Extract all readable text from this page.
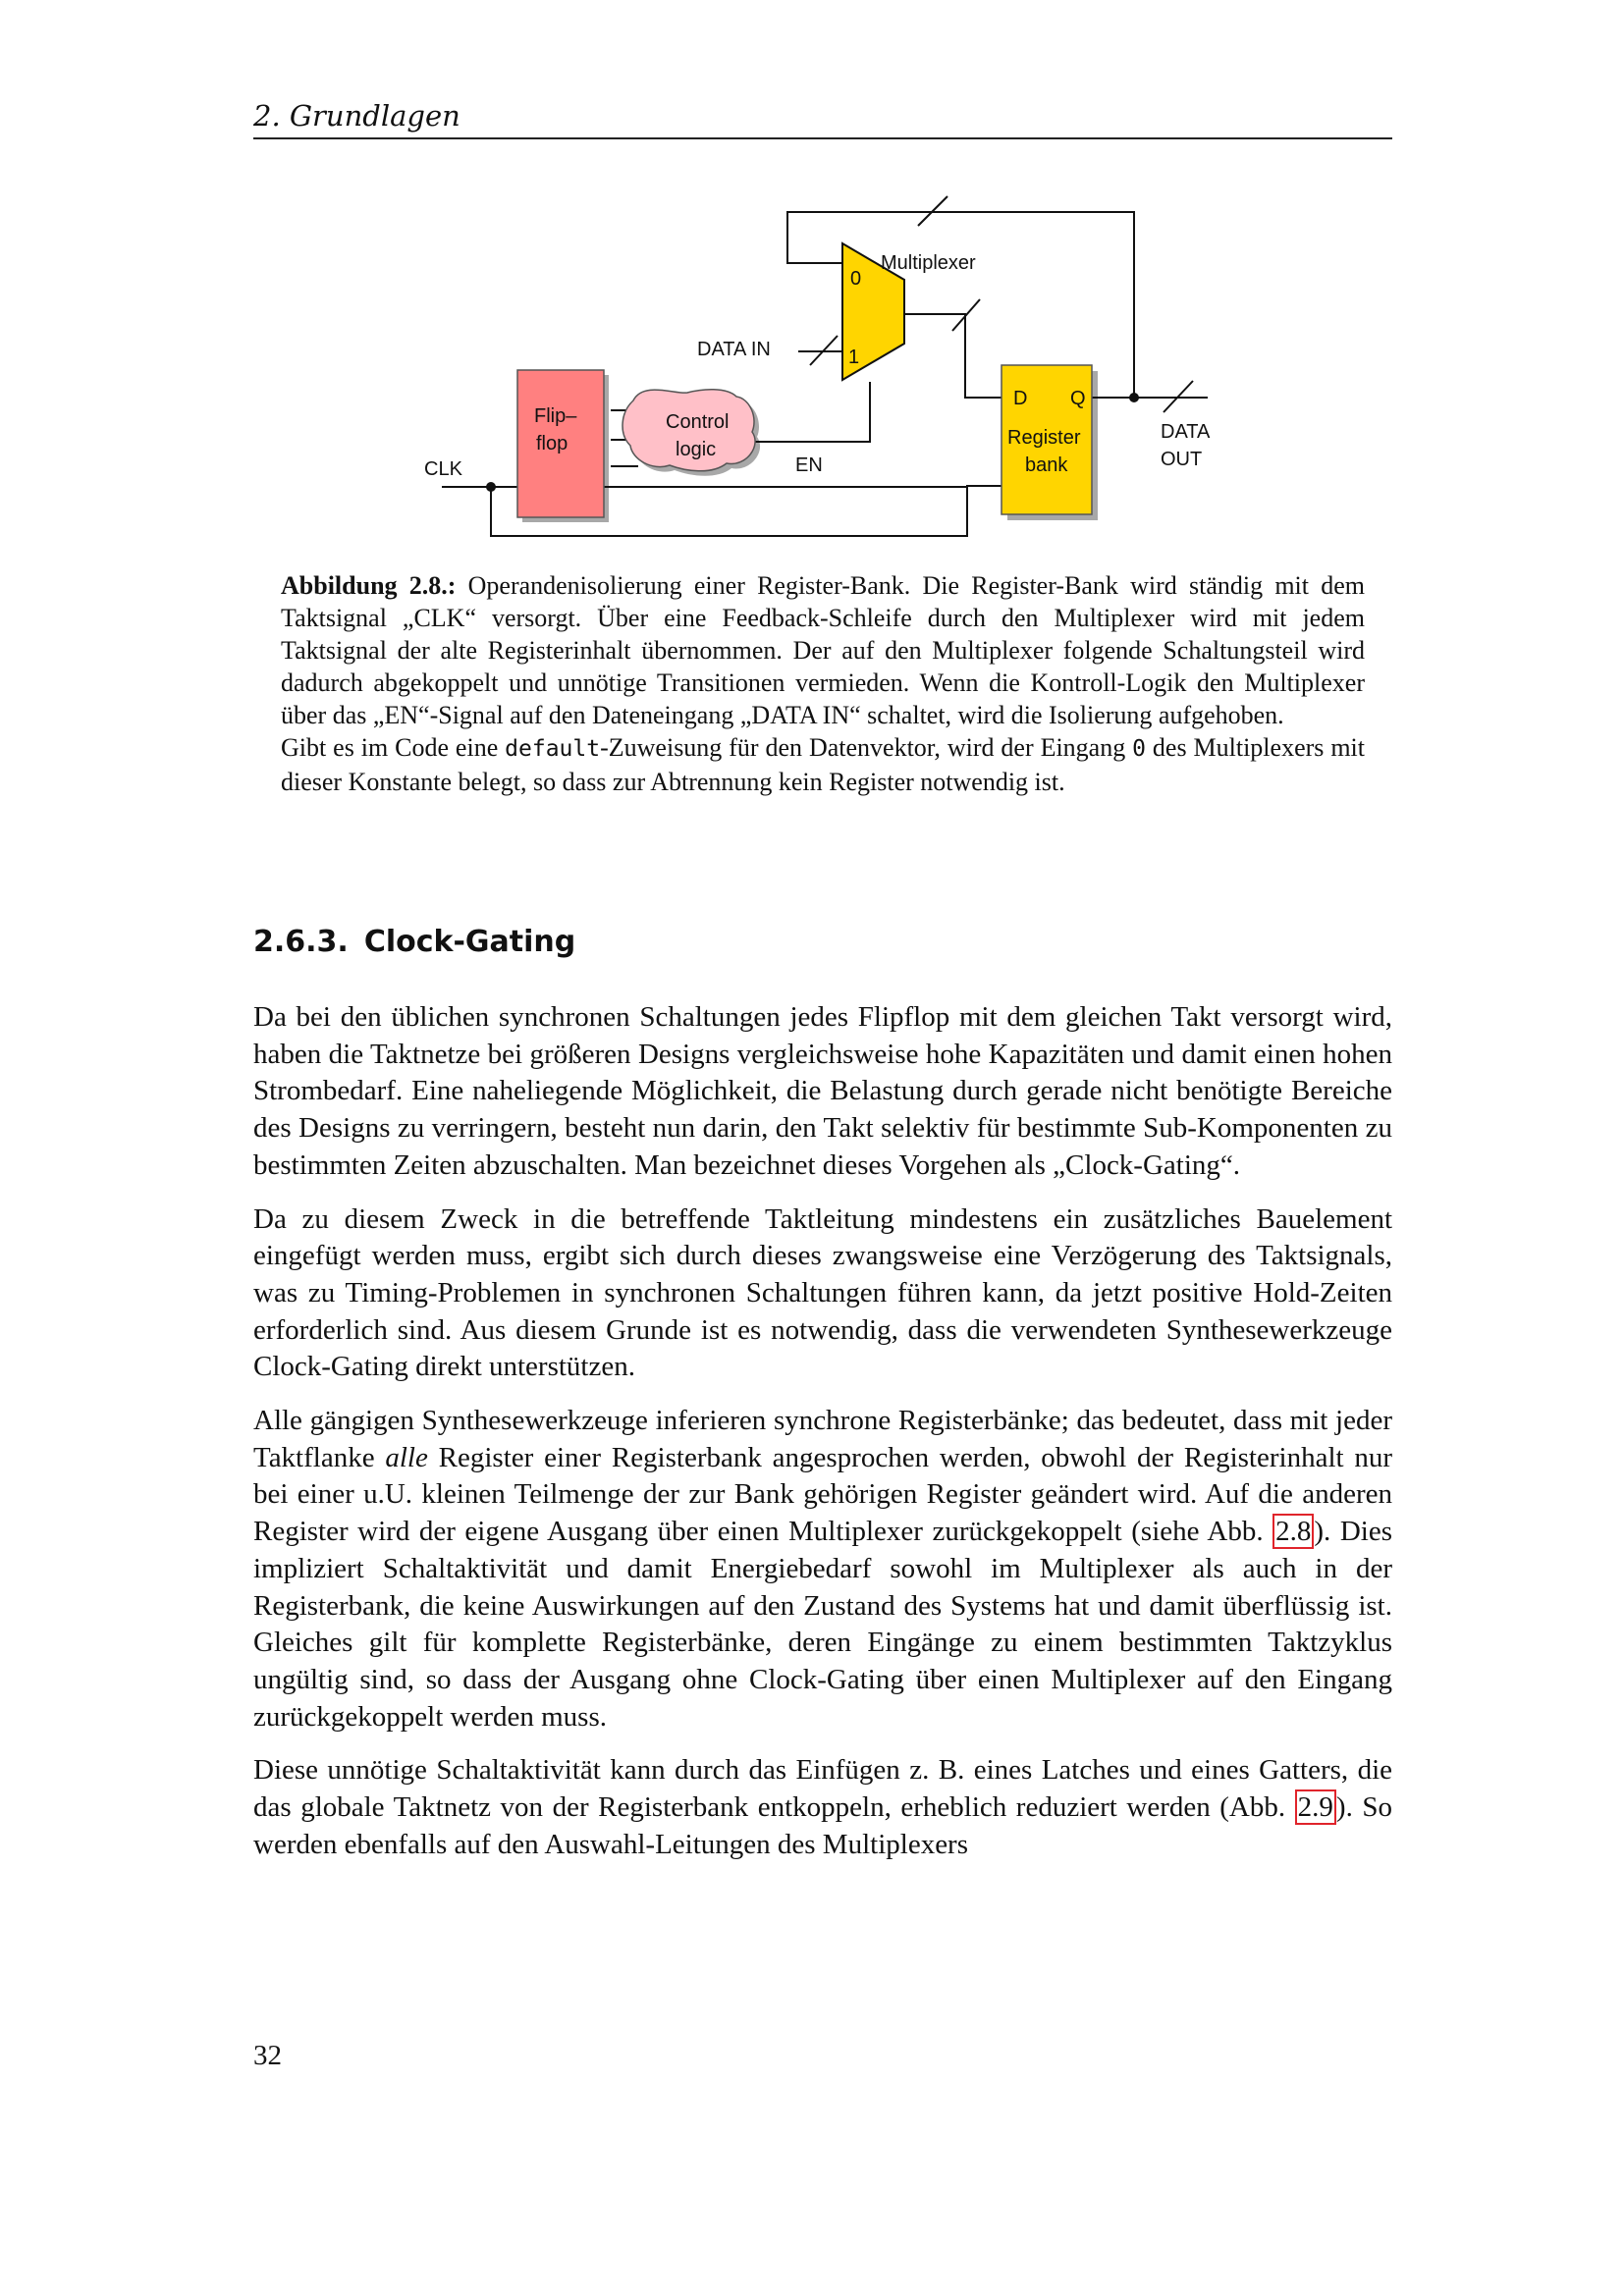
2. Grundlagen
0
1
Multiplexer
DATA IN
Flip–
flop
Control
logic
CLK	EN
D Q
Register
bank
DATA
OUT

Abbildung 2.8.: Operandenisolierung einer Register-Bank. Die Register-Bank wird ständig mit dem Taktsignal „CLK“ versorgt. Über eine Feedback-Schleife durch den Multiplexer wird mit jedem Taktsignal der alte Registerinhalt übernommen. Der auf den Multiplexer folgende Schaltungsteil wird dadurch abgekoppelt und unnötige Transitionen vermieden. Wenn die Kontroll-Logik den Multiplexer über das „EN“-Signal auf den Dateneingang „DATA IN“ schaltet, wird die Isolierung aufgehoben.

Gibt es im Code eine default-Zuweisung für den Datenvektor, wird der Eingang 0 des Multiplexers mit dieser Konstante belegt, so dass zur Abtrennung kein Register notwendig ist.

2.6.3. Clock-Gating

Da bei den üblichen synchronen Schaltungen jedes Flipflop mit dem gleichen Takt versorgt wird, haben die Taktnetze bei größeren Designs vergleichsweise hohe Kapazitäten und damit einen hohen Strombedarf. Eine naheliegende Möglichkeit, die Belastung durch gerade nicht benötigte Bereiche des Designs zu verringern, besteht nun darin, den Takt selektiv für bestimmte Sub-Komponenten zu bestimmten Zeiten abzuschalten. Man bezeichnet dieses Vorgehen als „Clock-Gating“.

Da zu diesem Zweck in die betreffende Taktleitung mindestens ein zusätzliches Bauelement eingefügt werden muss, ergibt sich durch dieses zwangsweise eine Verzögerung des Taktsignals, was zu Timing-Problemen in synchronen Schaltungen führen kann, da jetzt positive Hold-Zeiten erforderlich sind. Aus diesem Grunde ist es notwendig, dass die verwendeten Synthesewerkzeuge Clock-Gating direkt unterstützen.

Alle gängigen Synthesewerkzeuge inferieren synchrone Registerbänke; das bedeutet, dass mit jeder Taktflanke alle Register einer Registerbank angesprochen werden, obwohl der Registerinhalt nur bei einer u.U. kleinen Teilmenge der zur Bank gehörigen Register geändert wird. Auf die anderen Register wird der eigene Ausgang über einen Multiplexer zurückgekoppelt (siehe Abb. 2.8 ). Dies impliziert Schaltaktivität und damit Energiebedarf sowohl im Multiplexer als auch in der Registerbank, die keine Auswirkungen auf den Zustand des Systems hat und damit überflüssig ist. Gleiches gilt für komplette Registerbänke, deren Eingänge zu einem bestimmten Taktzyklus ungültig sind, so dass der Ausgang ohne Clock-Gating über einen Multiplexer auf den Eingang zurückgekoppelt werden muss.

Diese unnötige Schaltaktivität kann durch das Einfügen z. B. eines Latches und eines Gatters, die das globale Taktnetz von der Registerbank entkoppeln, erheblich reduziert werden (Abb. 2.9 ). So werden ebenfalls auf den Auswahl-Leitungen des Multiplexers

32
